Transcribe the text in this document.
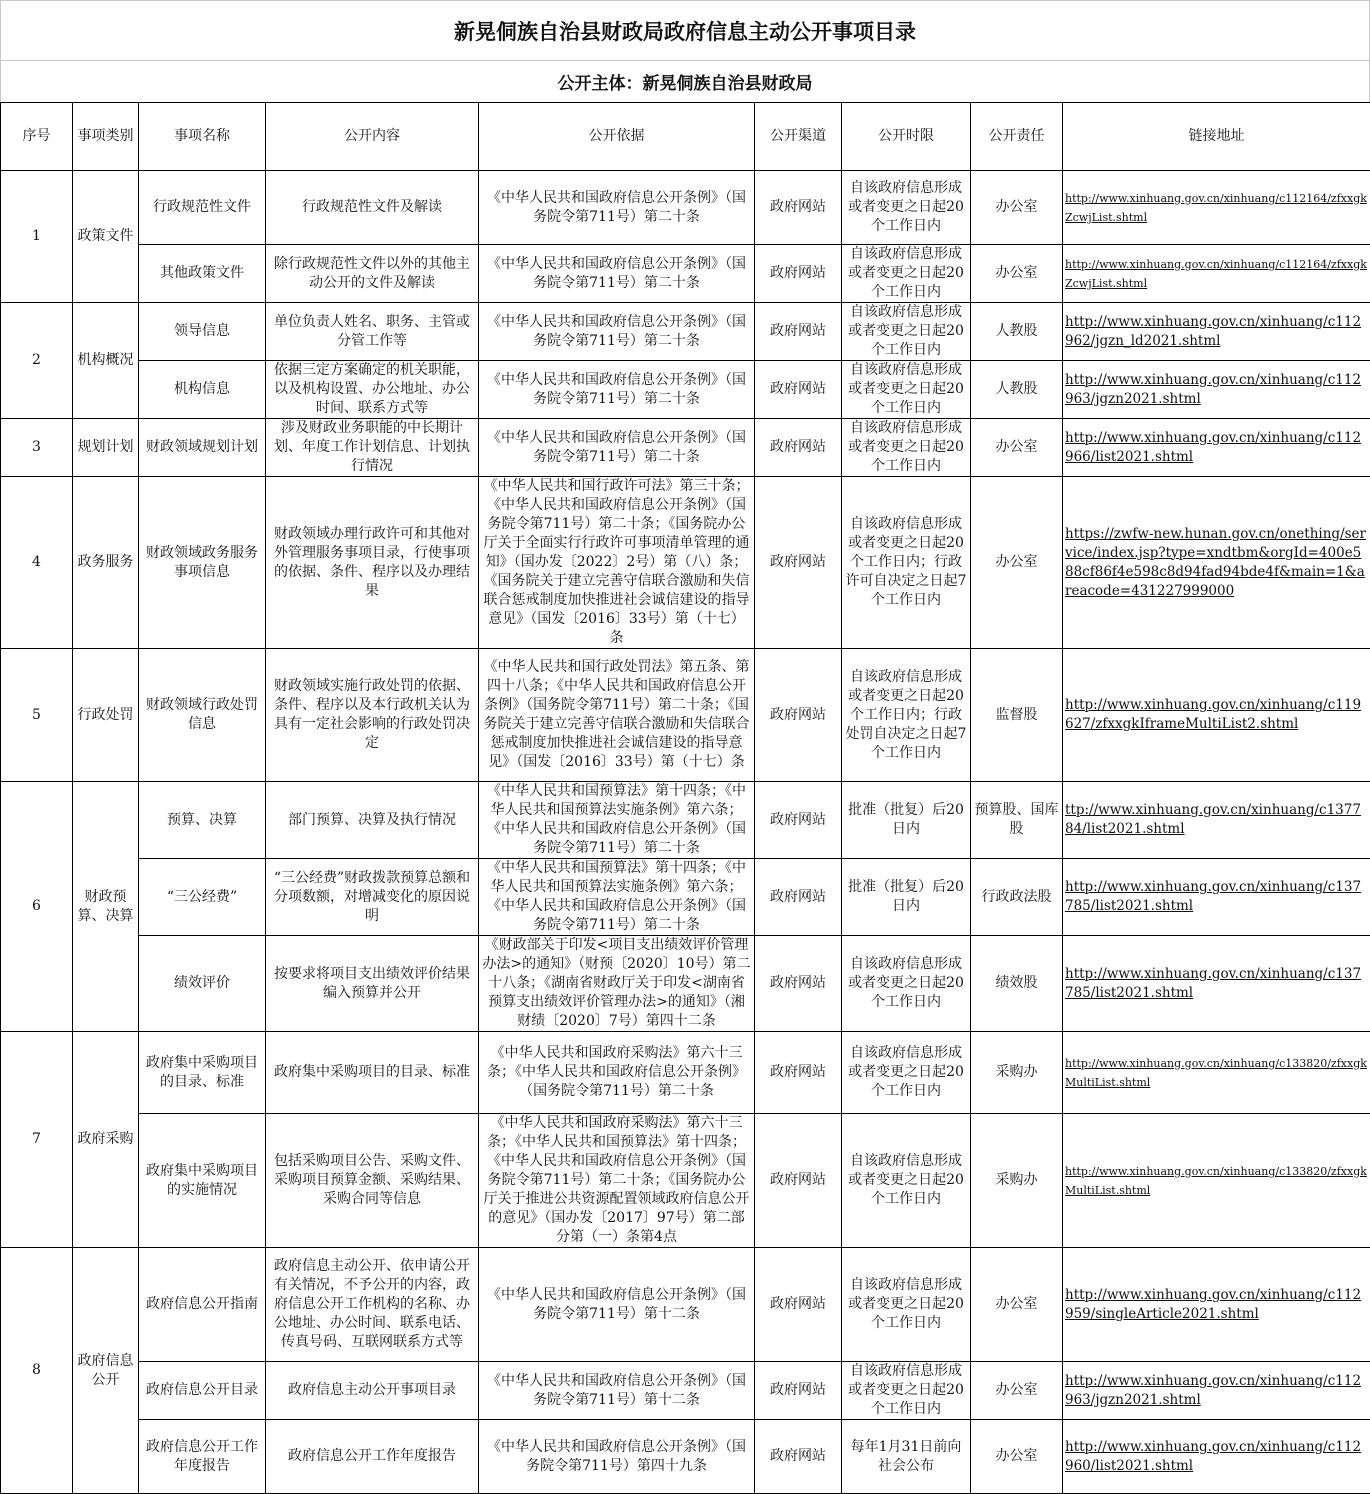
新晃侗族自治县财政局政府信息主动公开事项目录
公开主体：新晃侗族自治县财政局
序号	事项类别	事项名称	公开内容	公开依据	公开渠道	公开时限	公开责任	链接地址
1	政策文件	行政规范性文件	行政规范性文件及解读	《中华人民共和国政府信息公开条例》（国务院令第711号）第二十条	政府网站	自该政府信息形成或者变更之日起20个工作日内	办公室	http://www.xinhuang.gov.cn/xinhuang/c112164/zfxxgkZcwjList.shtml
		其他政策文件	除行政规范性文件以外的其他主动公开的文件及解读	《中华人民共和国政府信息公开条例》（国务院令第711号）第二十条	政府网站	自该政府信息形成或者变更之日起20个工作日内	办公室	http://www.xinhuang.gov.cn/xinhuang/c112164/zfxxgkZcwjList.shtml
2	机构概况	领导信息	单位负责人姓名、职务、主管或分管工作等	《中华人民共和国政府信息公开条例》（国务院令第711号）第二十条	政府网站	自该政府信息形成或者变更之日起20个工作日内	人教股	http://www.xinhuang.gov.cn/xinhuang/c112962/jgzn_ld2021.shtml
		机构信息	依据三定方案确定的机关职能，以及机构设置、办公地址、办公时间、联系方式等	《中华人民共和国政府信息公开条例》（国务院令第711号）第二十条	政府网站	自该政府信息形成或者变更之日起20个工作日内	人教股	http://www.xinhuang.gov.cn/xinhuang/c112963/jgzn2021.shtml
3	规划计划	财政领域规划计划	涉及财政业务职能的中长期计划、年度工作计划信息、计划执行情况	《中华人民共和国政府信息公开条例》（国务院令第711号）第二十条	政府网站	自该政府信息形成或者变更之日起20个工作日内	办公室	http://www.xinhuang.gov.cn/xinhuang/c112966/list2021.shtml
4	政务服务	财政领域政务服务事项信息	财政领域办理行政许可和其他对外管理服务事项目录，行使事项的依据、条件、程序以及办理结果	《中华人民共和国行政许可法》第三十条；《中华人民共和国政府信息公开条例》（国务院令第711号）第二十条；《国务院办公厅关于全面实行行政许可事项清单管理的通知》（国办发〔2022〕2号）第（八）条；《国务院关于建立完善守信联合激励和失信联合惩戒制度加快推进社会诚信建设的指导意见》（国发〔2016〕33号）第（十七）条	政府网站	自该政府信息形成或者变更之日起20个工作日内；行政许可自决定之日起7个工作日内	办公室	https://zwfw-new.hunan.gov.cn/onething/service/index.jsp?type=xndtbm&orgId=400e588cf86f4e598c8d94fad94bde4f&main=1&areacode=431227999000
5	行政处罚	财政领域行政处罚信息	财政领域实施行政处罚的依据、条件、程序以及本行政机关认为具有一定社会影响的行政处罚决定	《中华人民共和国行政处罚法》第五条、第四十八条；《中华人民共和国政府信息公开条例》（国务院令第711号）第二十条；《国务院关于建立完善守信联合激励和失信联合惩戒制度加快推进社会诚信建设的指导意见》（国发〔2016〕33号）第（十七）条	政府网站	自该政府信息形成或者变更之日起20个工作日内；行政处罚自决定之日起7个工作日内	监督股	http://www.xinhuang.gov.cn/xinhuang/c119627/zfxxgkIframeMultiList2.shtml
6	财政预算、决算	预算、决算	部门预算、决算及执行情况	《中华人民共和国预算法》第十四条；《中华人民共和国预算法实施条例》第六条；《中华人民共和国政府信息公开条例》（国务院令第711号）第二十条	政府网站	批准（批复）后20日内	预算股、国库股	ttp://www.xinhuang.gov.cn/xinhuang/c137784/list2021.shtml
		“三公经费”	“三公经费”财政拨款预算总额和分项数额，对增减变化的原因说明	《中华人民共和国预算法》第十四条；《中华人民共和国预算法实施条例》第六条；《中华人民共和国政府信息公开条例》（国务院令第711号）第二十条	政府网站	批准（批复）后20日内	行政政法股	http://www.xinhuang.gov.cn/xinhuang/c137785/list2021.shtml
		绩效评价	按要求将项目支出绩效评价结果编入预算并公开	《财政部关于印发<项目支出绩效评价管理办法>的通知》（财预〔2020〕10号）第二十八条；《湖南省财政厅关于印发<湖南省预算支出绩效评价管理办法>的通知》（湘财绩〔2020〕7号）第四十二条	政府网站	自该政府信息形成或者变更之日起20个工作日内	绩效股	http://www.xinhuang.gov.cn/xinhuang/c137785/list2021.shtml
7	政府采购	政府集中采购项目的目录、标准	政府集中采购项目的目录、标准	《中华人民共和国政府采购法》第六十三条；《中华人民共和国政府信息公开条例》（国务院令第711号）第二十条	政府网站	自该政府信息形成或者变更之日起20个工作日内	采购办	http://www.xinhuang.gov.cn/xinhuang/c133820/zfxxgkMultiList.shtml
		政府集中采购项目的实施情况	包括采购项目公告、采购文件、采购项目预算金额、采购结果、采购合同等信息	《中华人民共和国政府采购法》第六十三条；《中华人民共和国预算法》第十四条；《中华人民共和国政府信息公开条例》（国务院令第711号）第二十条；《国务院办公厅关于推进公共资源配置领域政府信息公开的意见》（国办发〔2017〕97号）第二部分第（一）条第4点	政府网站	自该政府信息形成或者变更之日起20个工作日内	采购办	http://www.xinhuang.gov.cn/xinhuang/c133820/zfxxgkMultiList.shtml
8	政府信息公开	政府信息公开指南	政府信息主动公开、依申请公开有关情况，不予公开的内容，政府信息公开工作机构的名称、办公地址、办公时间、联系电话、传真号码、互联网联系方式等	《中华人民共和国政府信息公开条例》（国务院令第711号）第十二条	政府网站	自该政府信息形成或者变更之日起20个工作日内	办公室	http://www.xinhuang.gov.cn/xinhuang/c112959/singleArticle2021.shtml
		政府信息公开目录	政府信息主动公开事项目录	《中华人民共和国政府信息公开条例》（国务院令第711号）第十二条	政府网站	自该政府信息形成或者变更之日起20个工作日内	办公室	http://www.xinhuang.gov.cn/xinhuang/c112963/jgzn2021.shtml
		政府信息公开工作年度报告	政府信息公开工作年度报告	《中华人民共和国政府信息公开条例》（国务院令第711号）第四十九条	政府网站	每年1月31日前向社会公布	办公室	http://www.xinhuang.gov.cn/xinhuang/c112960/list2021.shtml
